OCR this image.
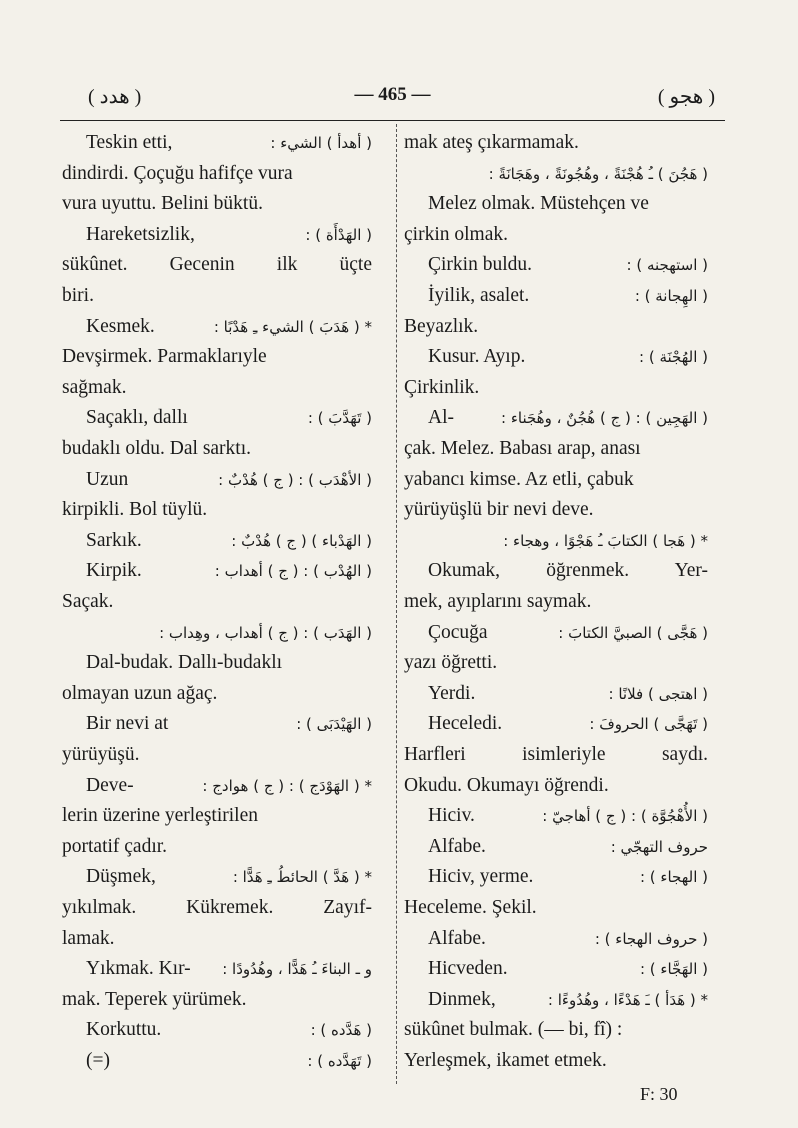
( هدد )	— 465 —	( هجو )
Teskin etti,	( أهدأ ) الشيء :
dindirdi. Çoçuğu hafifçe vura
vura uyuttu. Belini büktü.
Hareketsizlik,	( الهَدْأَة ) :
sükûnet. Gecenin ilk üçte
biri.
Kesmek.	* ( هَدَبَ ) الشيء ـِ هَدْبًا :
Devşirmek. Parmaklarıyle
sağmak.
Saçaklı, dallı	( تَهَدَّبَ ) :
budaklı oldu. Dal sarktı.
Uzun	( الأهْدَب ) : ( ج ) هُدْبٌ :
kirpikli. Bol tüylü.
Sarkık.	( الهَدْباء ) ( ج ) هُدْبٌ :
Kirpik.	( الهُدْب ) : ( ج ) أهداب :
Saçak.
( الهَدَب ) : ( ج ) أهداب ، وهِداب :
Dal-budak. Dallı-budaklı
olmayan uzun ağaç.
Bir nevi at	( الهَيْدَبَى ) :
yürüyüşü.
Deve-	* ( الهَوْدَج ) : ( ج ) هوادج :
lerin üzerine yerleştirilen
portatif çadır.
Düşmek,	* ( هَدَّ ) الحائطُ ـِ هَدًّا :
yıkılmak. Kükremek. Zayıf-
lamak.
Yıkmak. Kır- و ـ البناءَ ـُ هَدًّا ، وهُدُودًا :
mak. Teperek yürümek.
Korkuttu.	( هَدَّده ) :
(=)	( تَهَدَّده ) :
mak ateş çıkarmamak.
( هَجُنَ ) ـُ هُجْنَةً ، وهُجُونَةً ، وهَجَانَةً :
Melez olmak. Müstehçen ve
çirkin olmak.
Çirkin buldu.	( استهجنه ) :
İyilik, asalet.	( الهِجانة ) :
Beyazlık.
Kusur. Ayıp.	( الهُجْنَة ) :
Çirkinlik.
Al-	( الهَجِين ) : ( ج ) هُجُنٌ ، وهُجَناء :
çak. Melez. Babası arap, anası
yabancı kimse. Az etli, çabuk
yürüyüşlü bir nevi deve.
* ( هَجا ) الكتابَ ـُ هَجْوًا ، وهجاء :
Okumak, öğrenmek. Yer-
mek, ayıplarını saymak.
Çocuğa	( هَجَّى ) الصبيَّ الكتابَ :
yazı öğretti.
Yerdi.	( اهتجى ) فلانًا :
Heceledi.	( تَهَجَّى ) الحروفَ :
Harfleri isimleriyle saydı.
Okudu. Okumayı öğrendi.
Hiciv.	( الأُهْجُوَّة ) : ( ج ) أهاجيّ :
Alfabe.	حروف التهجّي :
Hiciv, yerme.	( الهجاء ) :
Heceleme. Şekil.
Alfabe.	( حروف الهجاء ) :
Hicveden.	( الهَجَّاء ) :
Dinmek,	* ( هَدَأ ) ـَ هَدْءًا ، وهُدُوءًا :
sükûnet bulmak. (— bi, fî) :
Yerleşmek, ikamet etmek.
F: 30
